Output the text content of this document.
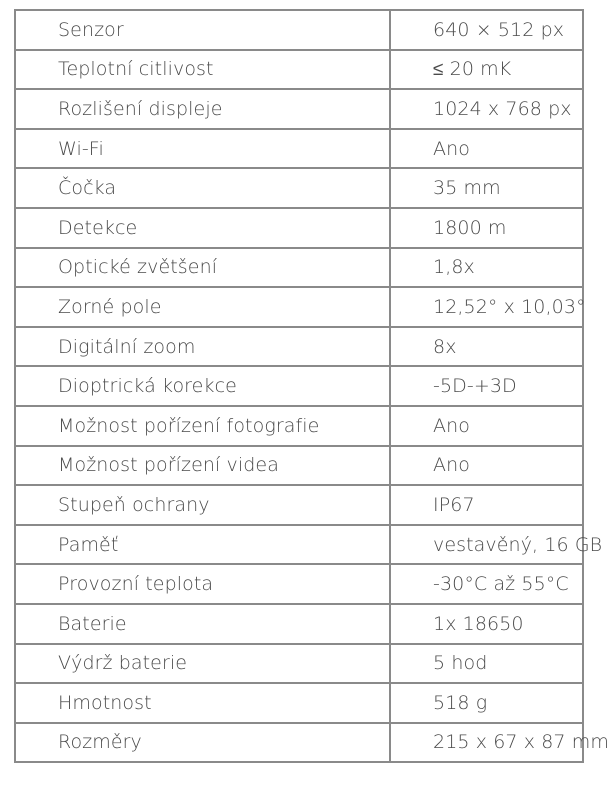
Senzor	640 × 512 px
Teplotní citlivost	≤ 20 mK
Rozlišení displeje	1024 x 768 px
Wi-Fi	Ano
Čočka	35 mm
Detekce	1800 m
Optické zvětšení	1,8x
Zorné pole	12,52° x 10,03°
Digitální zoom	8x
Dioptrická korekce	-5D-+3D
Možnost pořízení fotografie	Ano
Možnost pořízení videa	Ano
Stupeň ochrany	IP67
Paměť	vestavěný, 16 GB
Provozní teplota	-30°C až 55°C
Baterie	1x 18650
Výdrž baterie	5 hod
Hmotnost	518 g
Rozměry	215 x 67 x 87 mm
